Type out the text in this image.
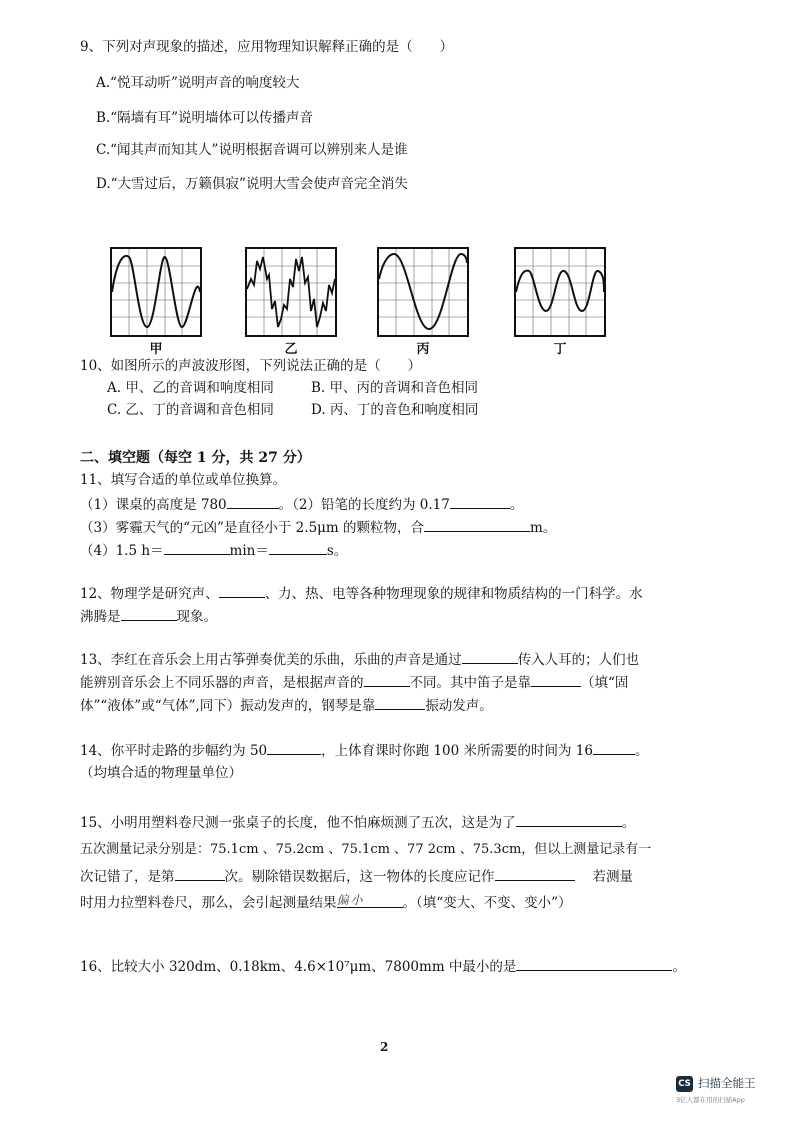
9、下列对声现象的描述，应用物理知识解释正确的是（　　）
A.“悦耳动听”说明声音的响度较大
B.“隔墙有耳”说明墙体可以传播声音
C.“闻其声而知其人”说明根据音调可以辨别来人是谁
D.“大雪过后，万籁俱寂”说明大雪会使声音完全消失
甲	乙	丙	丁
10、如图所示的声波波形图，下列说法正确的是（　　）
A. 甲、乙的音调和响度相同	B. 甲、丙的音调和音色相同
C. 乙、丁的音调和音色相同	D. 丙、丁的音色和响度相同
二、填空题（每空 1 分，共 27 分）
11、填写合适的单位或单位换算。
（1）课桌的高度是 780	。（2）铅笔的长度约为 0.17	。
（3）雾霾天气的“元凶”是直径小于 2.5μm 的颗粒物，合	m。
（4）1.5 h＝	min＝	s。
12、物理学是研究声、	、力、热、电等各种物理现象的规律和物质结构的一门科学。水
沸腾是	现象。
13、李红在音乐会上用古筝弹奏优美的乐曲，乐曲的声音是通过	传入人耳的；人们也
能辨别音乐会上不同乐器的声音，是根据声音的	不同。其中笛子是靠	（填“固
体”“液体”或“气体”,同下）振动发声的，钢琴是靠	振动发声。
14、你平时走路的步幅约为 50	，上体育课时你跑 100 米所需要的时间为 16	。
（均填合适的物理量单位）
15、小明用塑料卷尺测一张桌子的长度，他不怕麻烦测了五次，这是为了	。
五次测量记录分别是：75.1cm 、75.2cm 、75.1cm 、77 2cm 、75.3cm，但以上测量记录有一
次记错了，是第	次。剔除错误数据后，这一物体的长度应记作	若测量
时用力拉塑料卷尺，那么，会引起测量结果偏小	。（填“变大、不变、变小”）
16、比较大小 320dm、0.18km、4.6×10⁷μm、7800mm 中最小的是	。
2
CS 扫描全能王
3亿人都在用的扫描App
